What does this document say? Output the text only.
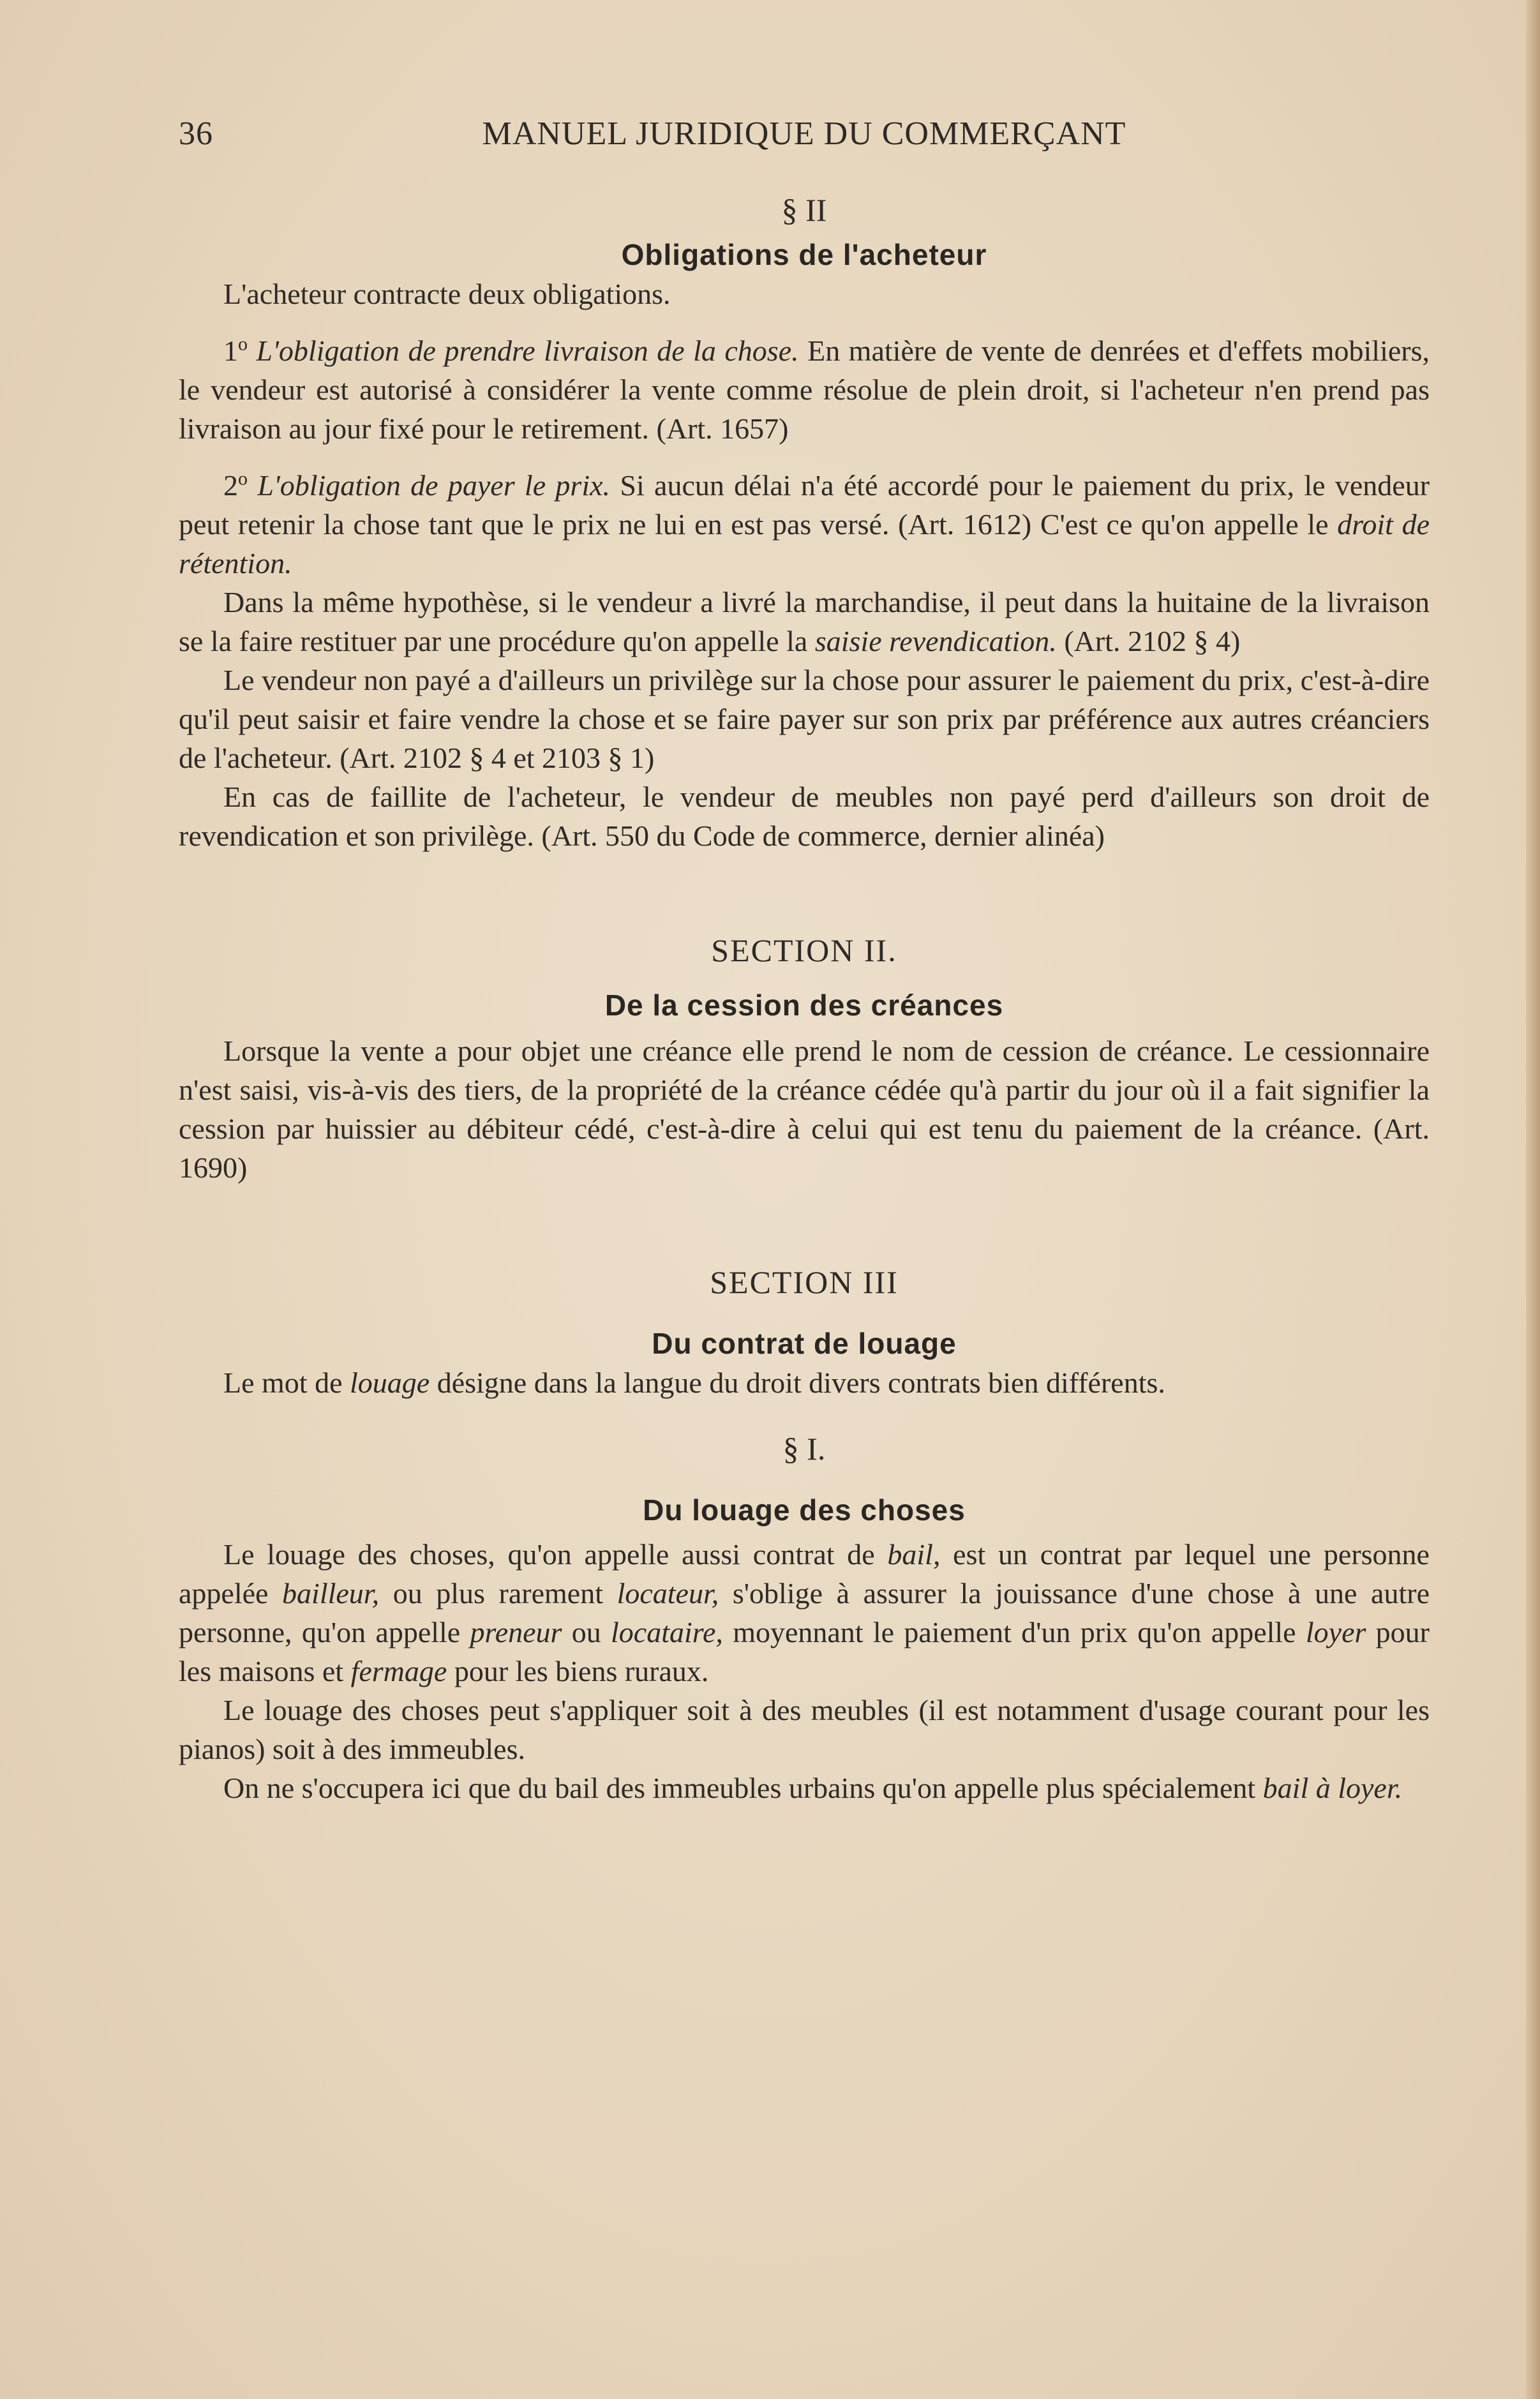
36	MANUEL JURIDIQUE DU COMMERÇANT
§ II
Obligations de l'acheteur

L'acheteur contracte deux obligations.

1$^o$ L'obligation de prendre livraison de la chose. En matière de vente de denrées et d'effets mobiliers, le vendeur est autorisé à considérer la vente comme résolue de plein droit, si l'acheteur n'en prend pas livraison au jour fixé pour le retirement. (Art. 1657)

2$^o$ L'obligation de payer le prix. Si aucun délai n'a été accordé pour le paiement du prix, le vendeur peut retenir la chose tant que le prix ne lui en est pas versé. (Art. 1612) C'est ce qu'on appelle le droit de rétention.

Dans la même hypothèse, si le vendeur a livré la marchandise, il peut dans la huitaine de la livraison se la faire restituer par une procédure qu'on appelle la saisie revendication. (Art. 2102 § 4)

Le vendeur non payé a d'ailleurs un privilège sur la chose pour assurer le paiement du prix, c'est-à-dire qu'il peut saisir et faire vendre la chose et se faire payer sur son prix par préférence aux autres créanciers de l'acheteur. (Art. 2102 § 4 et 2103 § 1)

En cas de faillite de l'acheteur, le vendeur de meubles non payé perd d'ailleurs son droit de revendication et son privilège. (Art. 550 du Code de commerce, dernier alinéa)

SECTION II.
De la cession des créances

Lorsque la vente a pour objet une créance elle prend le nom de cession de créance. Le cessionnaire n'est saisi, vis-à-vis des tiers, de la propriété de la créance cédée qu'à partir du jour où il a fait signifier la cession par huissier au débiteur cédé, c'est-à-dire à celui qui est tenu du paiement de la créance. (Art. 1690)

SECTION III
Du contrat de louage

Le mot de louage désigne dans la langue du droit divers contrats bien différents.

§ I.
Du louage des choses

Le louage des choses, qu'on appelle aussi contrat de bail, est un contrat par lequel une personne appelée bailleur, ou plus rarement locateur, s'oblige à assurer la jouissance d'une chose à une autre personne, qu'on appelle preneur ou locataire, moyennant le paiement d'un prix qu'on appelle loyer pour les maisons et fermage pour les biens ruraux.

Le louage des choses peut s'appliquer soit à des meubles (il est notamment d'usage courant pour les pianos) soit à des immeubles.

On ne s'occupera ici que du bail des immeubles urbains qu'on appelle plus spécialement bail à loyer.
